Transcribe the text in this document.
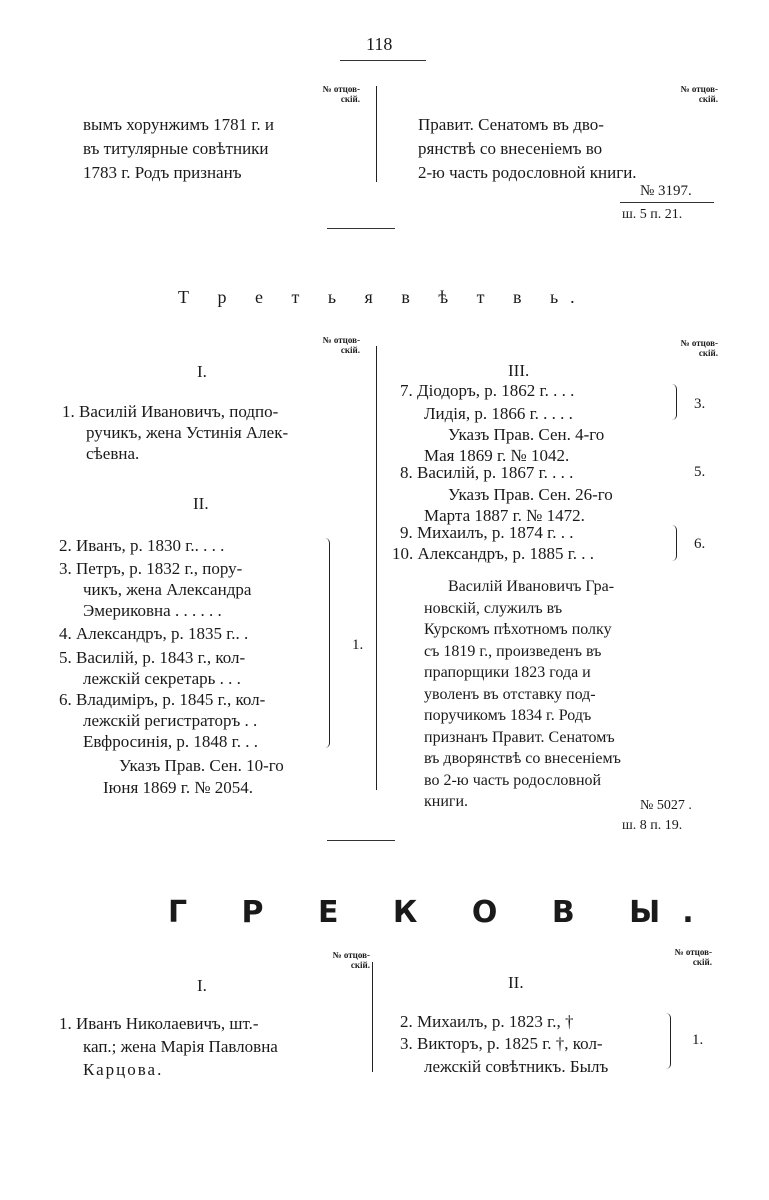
118
№ отцов-
скій.
№ отцов-
скій.
вымъ хорунжимъ 1781 г. и
въ титулярные совѣтники
1783 г. Родъ признанъ
Правит. Сенатомъ въ дво-
рянствѣ со внесеніемъ во
2-ю часть родословной книги.
№ 3197.
ш. 5 п. 21.
Т р е т ь я в ѣ т в ь.
№ отцов-
скій.
№ отцов-
скій.
I.
1. Василій Ивановичъ, подпо-
ручикъ, жена Устинія Алек-
сѣевна.
II.
2. Иванъ, р. 1830 г.. . . .
3. Петръ, р. 1832 г., пору-
чикъ, жена Александра
Эмериковна . . . . . .
4. Александръ, р. 1835 г.. .
5. Василій, р. 1843 г., кол-
лежскій секретарь . . .
6. Владиміръ, р. 1845 г., кол-
лежскій регистраторъ . .
Евфросинія, р. 1848 г. . .
1.
Указъ Прав. Сен. 10-го
Іюня 1869 г. № 2054.
III.
7. Діодоръ, р. 1862 г. . . .
Лидія, р. 1866 г. . . . .	3.
Указъ Прав. Сен. 4-го
Мая 1869 г. № 1042.
8. Василій, р. 1867 г. . . .	5.
Указъ Прав. Сен. 26-го
Марта 1887 г. № 1472.
9. Михаилъ, р. 1874 г. . .
10. Александръ, р. 1885 г. . .	6.
Василій Ивановичъ Гра-
новскій, служилъ въ
Курскомъ пѣхотномъ полку
съ 1819 г., произведенъ въ
прапорщики 1823 года и
уволенъ въ отставку под-
поручикомъ 1834 г. Родъ
признанъ Правит. Сенатомъ
въ дворянствѣ со внесеніемъ
во 2-ю часть родословной
книги.	№ 5027 .
ш. 8 п. 19.
Г Р Е К О В Ы.
№ отцов-
скій.
№ отцов-
скій.
I.
1. Иванъ Николаевичъ, шт.-
кап.; жена Марія Павловна
Карцова.
II.
2. Михаилъ, р. 1823 г., †
3. Викторъ, р. 1825 г. †, кол-
лежскій совѣтникъ. Былъ
1.
